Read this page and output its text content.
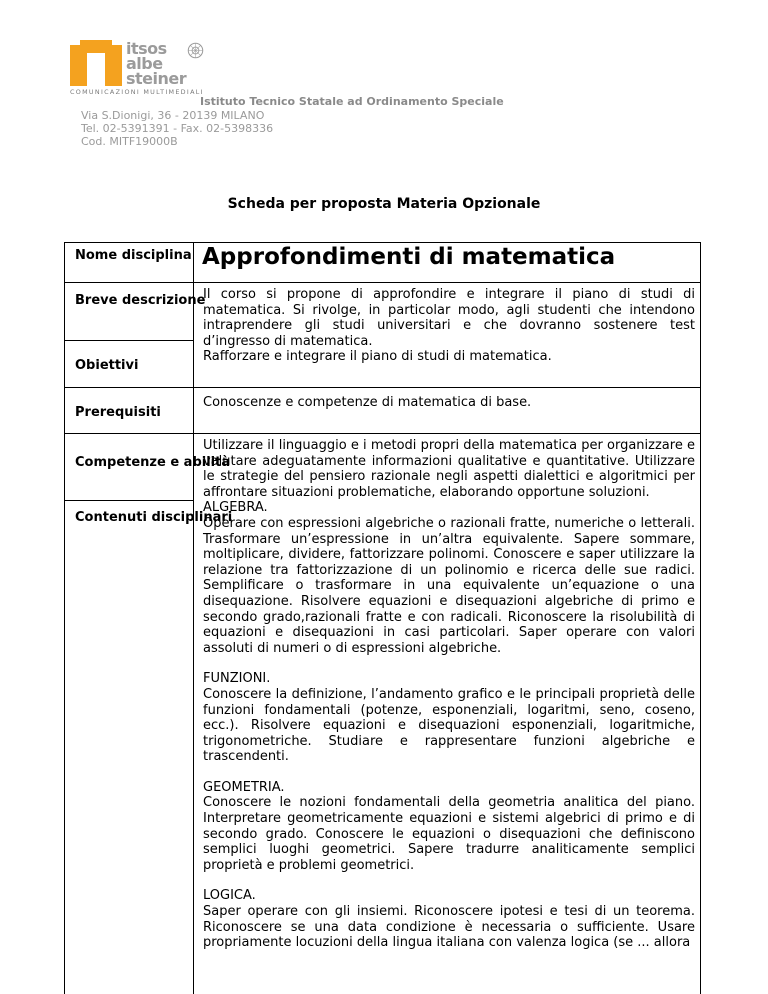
itsos
albe
steiner
COMUNICAZIONI MULTIMEDIALI
Istituto Tecnico Statale ad Ordinamento Speciale
Via S.Dionigi, 36 - 20139 MILANO
Tel. 02-5391391 - Fax. 02-5398336
Cod. MITF19000B
Scheda per proposta Materia Opzionale
Nome disciplina Approfondimenti di matematica
Breve descrizione

Il corso si propone di approfondire e integrare il piano di studi di matematica. Si rivolge, in particolar modo, agli studenti che intendono intraprendere gli studi universitari e che dovranno sostenere test d’ingresso di matematica.

Rafforzare e integrare il piano di studi di matematica.

Obiettivi
Prerequisiti
Conoscenze e competenze di matematica di base.
Competenze e abilità
Contenuti disciplinari

Utilizzare il linguaggio e i metodi propri della matematica per organizzare e valutare adeguatamente informazioni qualitative e quantitative. Utilizzare le strategie del pensiero razionale negli aspetti dialettici e algoritmici per affrontare situazioni problematiche, elaborando opportune soluzioni.

ALGEBRA.

Operare con espressioni algebriche o razionali fratte, numeriche o letterali. Trasformare un’espressione in un’altra equivalente. Sapere sommare, moltiplicare, dividere, fattorizzare polinomi. Conoscere e saper utilizzare la relazione tra fattorizzazione di un polinomio e ricerca delle sue radici. Semplificare o trasformare in una equivalente un’equazione o una disequazione. Risolvere equazioni e disequazioni algebriche di primo e secondo grado,razionali fratte e con radicali. Riconoscere la risolubilità di equazioni e disequazioni in casi particolari. Saper operare con valori assoluti di numeri o di espressioni algebriche.

FUNZIONI.

Conoscere la definizione, l’andamento grafico e le principali proprietà delle funzioni fondamentali (potenze, esponenziali, logaritmi, seno, coseno, ecc.). Risolvere equazioni e disequazioni esponenziali, logaritmiche, trigonometriche. Studiare e rappresentare funzioni algebriche e trascendenti.

GEOMETRIA.

Conoscere le nozioni fondamentali della geometria analitica del piano. Interpretare geometricamente equazioni e sistemi algebrici di primo e di secondo grado. Conoscere le equazioni o disequazioni che definiscono semplici luoghi geometrici. Sapere tradurre analiticamente semplici proprietà e problemi geometrici.

LOGICA.

Saper operare con gli insiemi. Riconoscere ipotesi e tesi di un teorema. Riconoscere se una data condizione è necessaria o sufficiente. Usare propriamente locuzioni della lingua italiana con valenza logica (se ... allora
